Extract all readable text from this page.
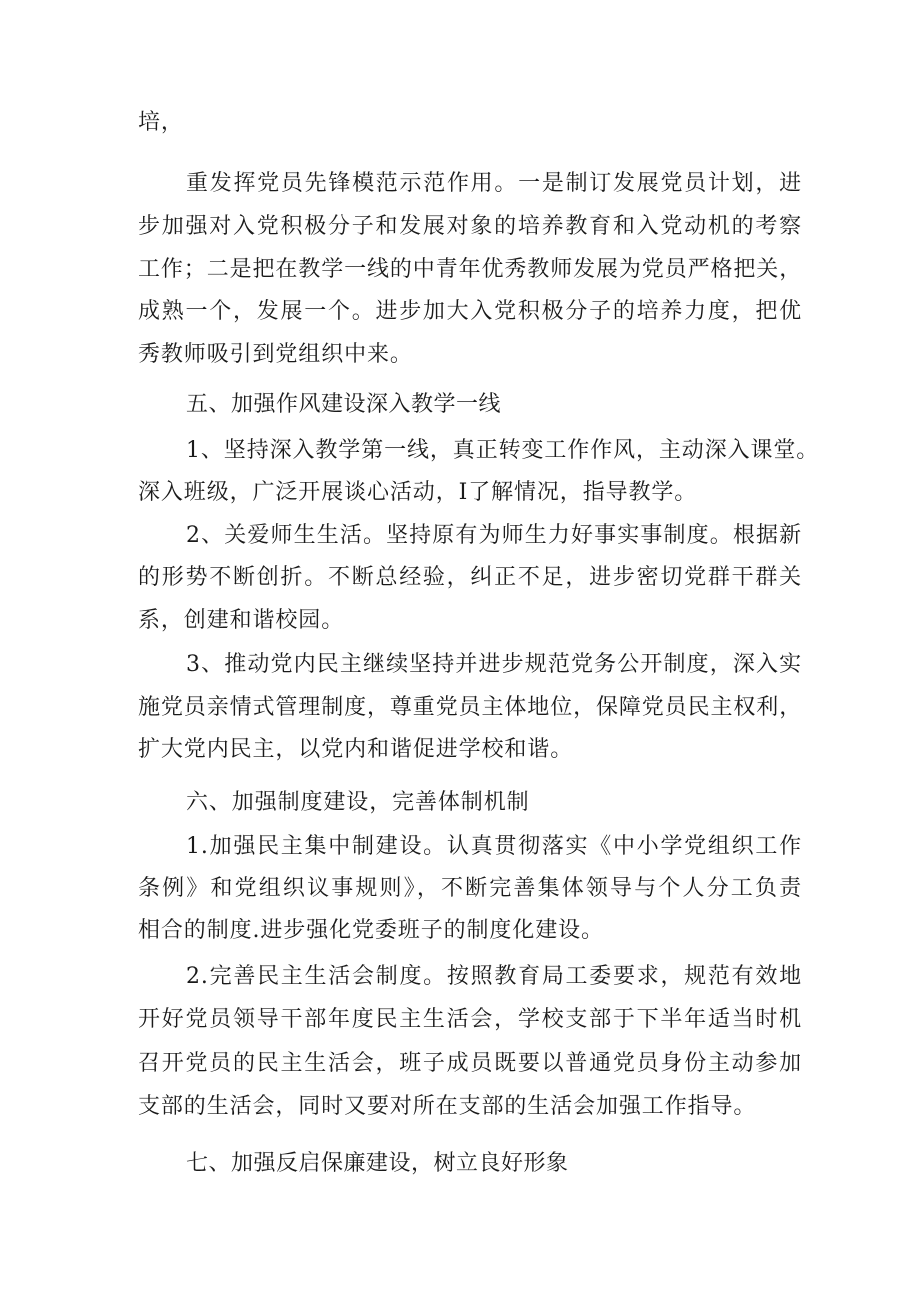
培，
重发挥党员先锋模范示范作用。一是制订发展党员计划，进
步加强对入党积极分子和发展对象的培养教育和入党动机的考察
工作；二是把在教学一线的中青年优秀教师发展为党员严格把关，
成熟一个，发展一个。进步加大入党积极分子的培养力度，把优
秀教师吸引到党组织中来。
五、加强作风建设深入教学一线
1、坚持深入教学第一线，真正转变工作作风，主动深入课堂。
深入班级，广泛开展谈心活动，I了解情况，指导教学。
2、关爱师生生活。坚持原有为师生力好事实事制度。根据新
的形势不断创折。不断总经验，纠正不足，进步密切党群干群关
系，创建和谐校园。
3、推动党内民主继续坚持并进步规范党务公开制度，深入实
施党员亲情式管理制度，尊重党员主体地位，保障党员民主权利，
扩大党内民主，以党内和谐促进学校和谐。
六、加强制度建设，完善体制机制
1.加强民主集中制建设。认真贯彻落实《中小学党组织工作
条例》和党组织议事规则》，不断完善集体领导与个人分工负责
相合的制度.进步强化党委班子的制度化建设。
2.完善民主生活会制度。按照教育局工委要求，规范有效地
开好党员领导干部年度民主生活会，学校支部于下半年适当时机
召开党员的民主生活会，班子成员既要以普通党员身份主动参加
支部的生活会，同时又要对所在支部的生活会加强工作指导。
七、加强反启保廉建设，树立良好形象
